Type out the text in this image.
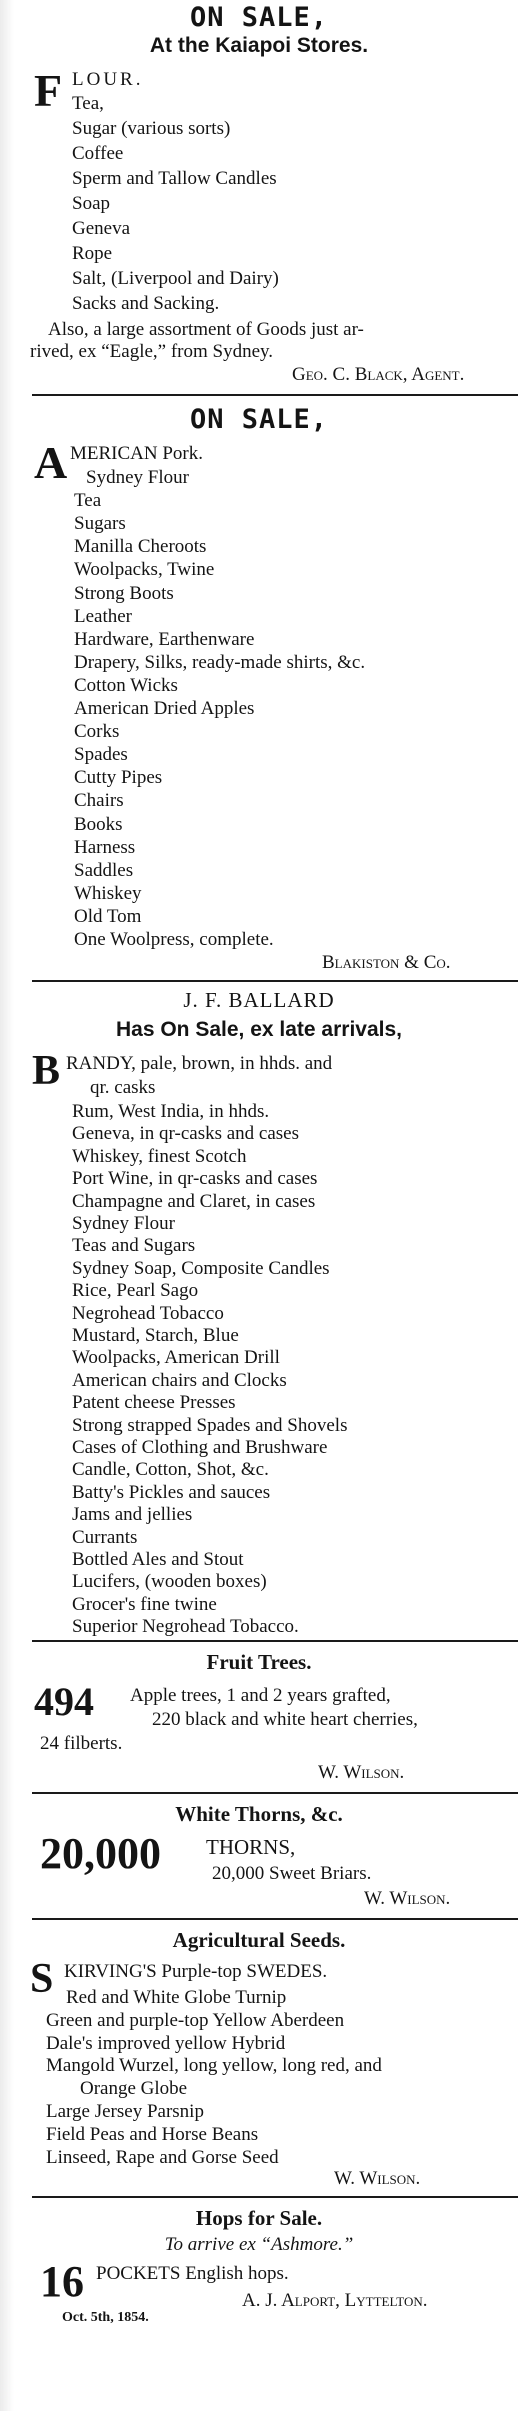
ON SALE,
At the Kaiapoi Stores.
F LOUR.
Tea,
Sugar (various sorts)
Coffee
Sperm and Tallow Candles
Soap
Geneva
Rope
Salt, (Liverpool and Dairy)
Sacks and Sacking.
Also, a large assortment of Goods just ar-
rived, ex “Eagle,” from Sydney.
Geo. C. Black, Agent.
ON SALE,
A MERICAN Pork.
Sydney Flour
Tea
Sugars
Manilla Cheroots
Woolpacks, Twine
Strong Boots
Leather
Hardware, Earthenware
Drapery, Silks, ready-made shirts, &c.
Cotton Wicks
American Dried Apples
Corks
Spades
Cutty Pipes
Chairs
Books
Harness
Saddles
Whiskey
Old Tom
One Woolpress, complete.
Blakiston & Co.
J. F. BALLARD
Has On Sale, ex late arrivals,
B RANDY, pale, brown, in hhds. and
qr. casks
Rum, West India, in hhds.
Geneva, in qr-casks and cases
Whiskey, finest Scotch
Port Wine, in qr-casks and cases
Champagne and Claret, in cases
Sydney Flour
Teas and Sugars
Sydney Soap, Composite Candles
Rice, Pearl Sago
Negrohead Tobacco
Mustard, Starch, Blue
Woolpacks, American Drill
American chairs and Clocks
Patent cheese Presses
Strong strapped Spades and Shovels
Cases of Clothing and Brushware
Candle, Cotton, Shot, &c.
Batty's Pickles and sauces
Jams and jellies
Currants
Bottled Ales and Stout
Lucifers, (wooden boxes)
Grocer's fine twine
Superior Negrohead Tobacco.
Fruit Trees.
494 Apple trees, 1 and 2 years grafted,
220 black and white heart cherries,
24 filberts.
W. Wilson.
White Thorns, &c.
20,000 THORNS,
20,000 Sweet Briars.
W. Wilson.
Agricultural Seeds.
S KIRVING'S Purple-top SWEDES.
Red and White Globe Turnip
Green and purple-top Yellow Aberdeen
Dale's improved yellow Hybrid
Mangold Wurzel, long yellow, long red, and
Orange Globe
Large Jersey Parsnip
Field Peas and Horse Beans
Linseed, Rape and Gorse Seed
W. Wilson.
Hops for Sale.
To arrive ex “Ashmore.”
16 POCKETS English hops.
A. J. Alport, Lyttelton.
Oct. 5th, 1854.
